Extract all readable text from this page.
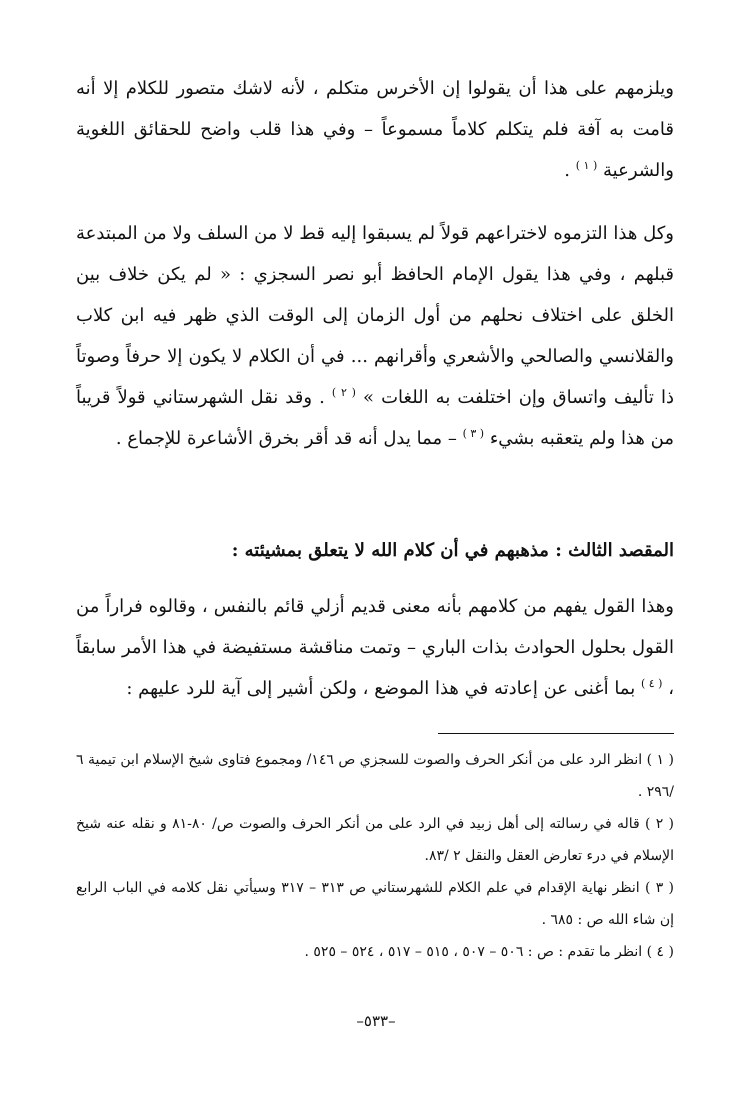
ويلزمهم على هذا أن يقولوا إن الأخرس متكلم ، لأنه لاشك متصور للكلام إلا أنه قامت به آفة فلم يتكلم كلاماً مسموعاً – وفي هذا قلب واضح للحقائق اللغوية والشرعية $^{( ١ )}$ .
وكل هذا التزموه لاختراعهم قولاً لم يسبقوا إليه قط لا من السلف ولا من المبتدعة قبلهم ، وفي هذا يقول الإمام الحافظ أبو نصر السجزي : « لم يكن خلاف بين الخلق على اختلاف نحلهم من أول الزمان إلى الوقت الذي ظهر فيه ابن كلاب والقلانسي والصالحي والأشعري وأقرانهم ... في أن الكلام لا يكون إلا حرفاً وصوتاً ذا تأليف واتساق وإن اختلفت به اللغات » $^{( ٢ )}$ . وقد نقل الشهرستاني قولاً قريباً من هذا ولم يتعقبه بشيء $^{( ٣ )}$ – مما يدل أنه قد أقر بخرق الأشاعرة للإجماع .
المقصد الثالث : مذهبهم في أن كلام الله لا يتعلق بمشيئته :
وهذا القول يفهم من كلامهم بأنه معنى قديم أزلي قائم بالنفس ، وقالوه فراراً من القول بحلول الحوادث بذات الباري – وتمت مناقشة مستفيضة في هذا الأمر سابقاً ، $^{( ٤ )}$ بما أغنى عن إعادته في هذا الموضع ، ولكن أشير إلى آية للرد عليهم :
( ١ ) انظر الرد على من أنكر الحرف والصوت للسجزي ص ١٤٦/ ومجموع فتاوى شيخ الإسلام ابن تيمية ٦ /٢٩٦ .
( ٢ ) قاله في رسالته إلى أهل زبيد في الرد على من أنكر الحرف والصوت ص/ ٨٠-٨١ و نقله عنه شيخ الإسلام في درء تعارض العقل والنقل ٢ /٨٣.
( ٣ ) انظر نهاية الإقدام في علم الكلام للشهرستاني ص ٣١٣ – ٣١٧ وسيأتي نقل كلامه في الباب الرابع إن شاء الله ص : ٦٨٥ .
( ٤ ) انظر ما تقدم : ص : ٥٠٦ – ٥٠٧ ، ٥١٥ – ٥١٧ ، ٥٢٤ – ٥٢٥ .
–٥٣٣–
